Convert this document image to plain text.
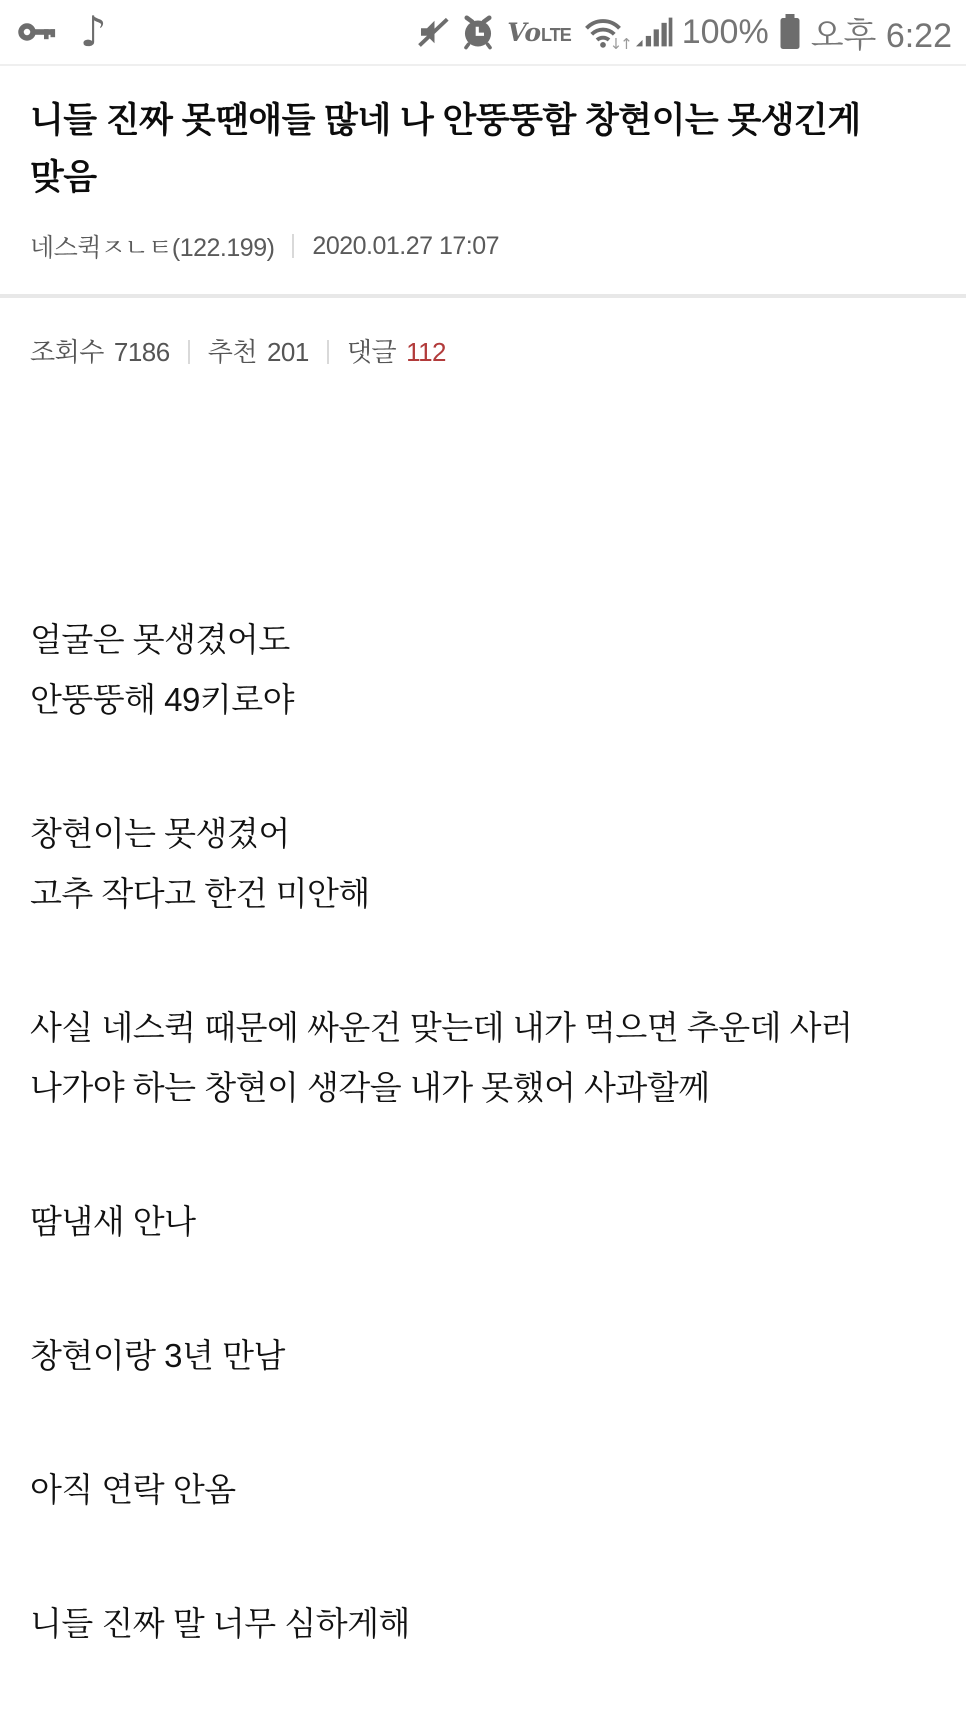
♪	Vo LTE	↓↑ 100% 오후 6:22
니들 진짜 못땐애들 많네 나 안뚱뚱함 창현이는 못생긴게 맞음
네스퀵ㅈㄴㅌ(122.199) 2020.01.27 17:07
조회수 7186 추천 201 댓글 112

얼굴은 못생겼어도
안뚱뚱해 49키로야

창현이는 못생겼어
고추 작다고 한건 미안해

사실 네스퀵 때문에 싸운건 맞는데 내가 먹으면 추운데 사러 나가야 하는 창현이 생각을 내가 못했어 사과할께

땀냄새 안나

창현이랑 3년 만남

아직 연락 안옴

니들 진짜 말 너무 심하게해
